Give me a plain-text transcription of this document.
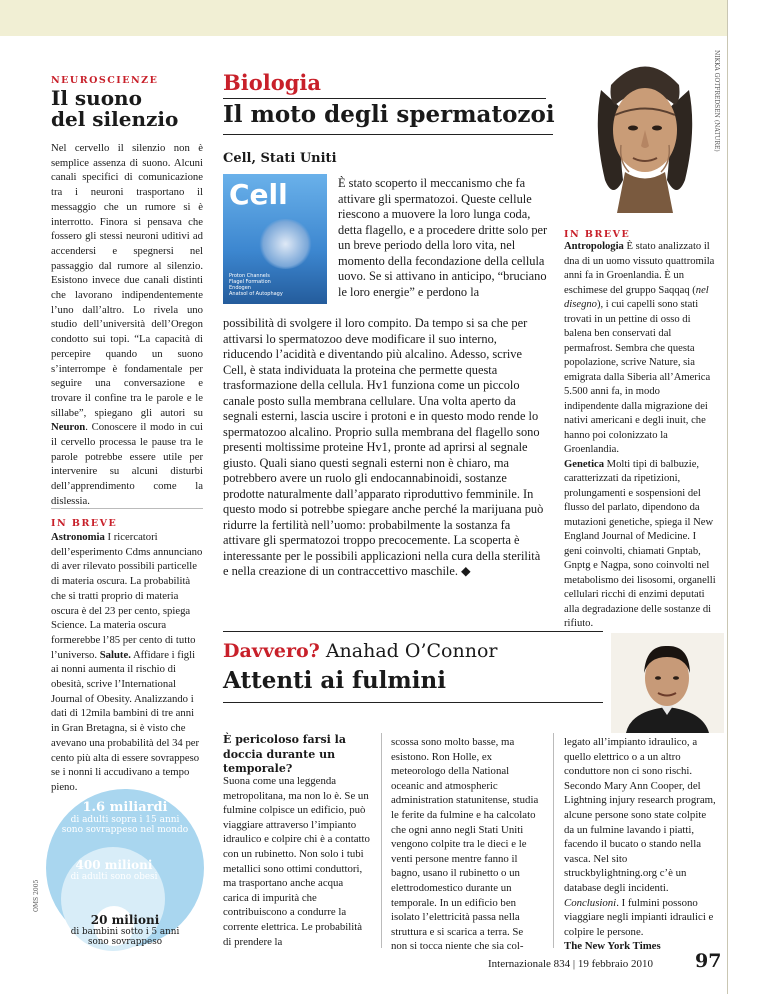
NEUROSCIENZE
Il suono
del silenzio

Nel cervello il silenzio non è semplice assenza di suono. Alcuni canali specifici di comunicazione tra i neuroni trasportano il messaggio che un rumore si è interrotto. Finora si pensava che fossero gli stessi neuroni uditivi ad accendersi e spegnersi nel passaggio dal rumore al silenzio. Esistono invece due canali distinti che lavorano indipendentemente l’uno dall’altro. Lo rivela uno studio dell’università dell’Oregon condotto sui topi. “La capacità di percepire quando un suono s’interrompe è fondamentale per seguire una conversazione e trovare il confine tra le parole e le sillabe”, spiegano gli autori su Neuron. Conoscere il modo in cui il cervello processa le pause tra le parole potrebbe essere utile per intervenire su alcuni disturbi dell’apprendimento come la dislessia.

IN BREVE

Astronomia I ricercatori dell’esperimento Cdms annunciano di aver rilevato possibili particelle di materia oscura. La probabilità che si tratti proprio di materia oscura è del 23 per cento, spiega Science. La materia oscura formerebbe l’85 per cento di tutto l’universo. Salute. Affidare i figli ai nonni aumenta il rischio di obesità, scrive l’International Journal of Obesity. Analizzando i dati di 12mila bambini di tre anni in Gran Bretagna, si è visto che avevano una probabilità del 34 per cento più alta di essere sovrappeso se i nonni li accudivano a tempo pieno.

1.6 miliardi
di adulti sopra i 15 anni sono sovrappeso nel mondo
400 milioni
di adulti sono obesi
20 milioni
di bambini sotto i 5 anni sono sovrappeso
OMS 2005
Biologia
Il moto degli spermatozoi
Cell, Stati Uniti
Cell
Proton Channels
Flagel Formation
Endogen
Anatsol of Autophagy

È stato scoperto il meccanismo che fa attivare gli spermatozoi. Queste cellule riescono a muovere la loro lunga coda, detta flagello, e a procedere dritte solo per un breve periodo della loro vita, nel momento della fecondazione della cellula uovo. Se si attivano in anticipo, “bruciano le loro energie” e perdono la

possibilità di svolgere il loro compito. Da tempo si sa che per attivarsi lo spermatozoo deve modificare il suo interno, riducendo l’acidità e diventando più alcalino. Adesso, scrive Cell, è stata individuata la proteina che permette questa trasformazione della cellula. Hv1 funziona come un piccolo canale posto sulla membrana cellulare. Una volta aperto da segnali esterni, lascia uscire i protoni e in questo modo rende lo spermatozoo alcalino. Proprio sulla membrana del flagello sono presenti moltissime proteine Hv1, pronte ad aprirsi al segnale giusto. Quali siano questi segnali esterni non è chiaro, ma potrebbero avere un ruolo gli endocannabinoidi, sostanze prodotte naturalmente dall’apparato riproduttivo femminile. In questo modo si potrebbe spiegare anche perché la marijuana può ridurre la fertilità nell’uomo: probabilmente la sostanza fa attivare gli spermatozoi troppo precocemente. La scoperta è interessante per le possibili applicazioni nella cura della sterilità e nella creazione di un contraccettivo maschile. ◆

NIKKA GOTFREDSEN (NATURE)
IN BREVE

Antropologia È stato analizzato il dna di un uomo vissuto quattromila anni fa in Groenlandia. È un eschimese del gruppo Saqqaq (nel disegno), i cui capelli sono stati trovati in un pettine di osso di balena ben conservati dal permafrost. Sembra che questa popolazione, scrive Nature, sia emigrata dalla Siberia all’America 5.500 anni fa, in modo indipendente dalla migrazione dei nativi americani e degli inuit, che hanno poi colonizzato la Groenlandia.
Genetica Molti tipi di balbuzie, caratterizzati da ripetizioni, prolungamenti e sospensioni del flusso del parlato, dipendono da mutazioni genetiche, spiega il New England Journal of Medicine. I geni coinvolti, chiamati Gnptab, Gnptg e Nagpa, sono coinvolti nel metabolismo dei lisosomi, organelli cellulari ricchi di enzimi deputati alla degradazione delle sostanze di rifiuto.

Davvero? Anahad O’Connor
Attenti ai fulmini
È pericoloso farsi la doccia durante un temporale?

Suona come una leggenda metropolitana, ma non lo è. Se un fulmine colpisce un edificio, può viaggiare attraverso l’impianto idraulico e colpire chi è a contatto con un rubinetto. Non solo i tubi metallici sono ottimi conduttori, ma trasportano anche acqua carica di impurità che contribuiscono a condurre la corrente elettrica. Le probabilità di prendere la

scossa sono molto basse, ma esistono. Ron Holle, ex meteorologo della National oceanic and atmospheric administration statunitense, studia le ferite da fulmine e ha calcolato che ogni anno negli Stati Uniti vengono colpite tra le dieci e le venti persone mentre fanno il bagno, usano il rubinetto o un elettrodomestico durante un temporale. In un edificio ben isolato l’elettricità passa nella struttura e si scarica a terra. Se non si tocca niente che sia col-

legato all’impianto idraulico, a quello elettrico o a un altro conduttore non ci sono rischi. Secondo Mary Ann Cooper, del Lightning injury research program, alcune persone sono state colpite da un fulmine lavando i piatti, facendo il bucato o stando nella vasca. Nel sito struckbylightning.org c’è un database degli incidenti. Conclusioni. I fulmini possono viaggiare negli impianti idraulici e colpire le persone.
The New York Times

Internazionale 834 | 19 febbraio 2010 97
